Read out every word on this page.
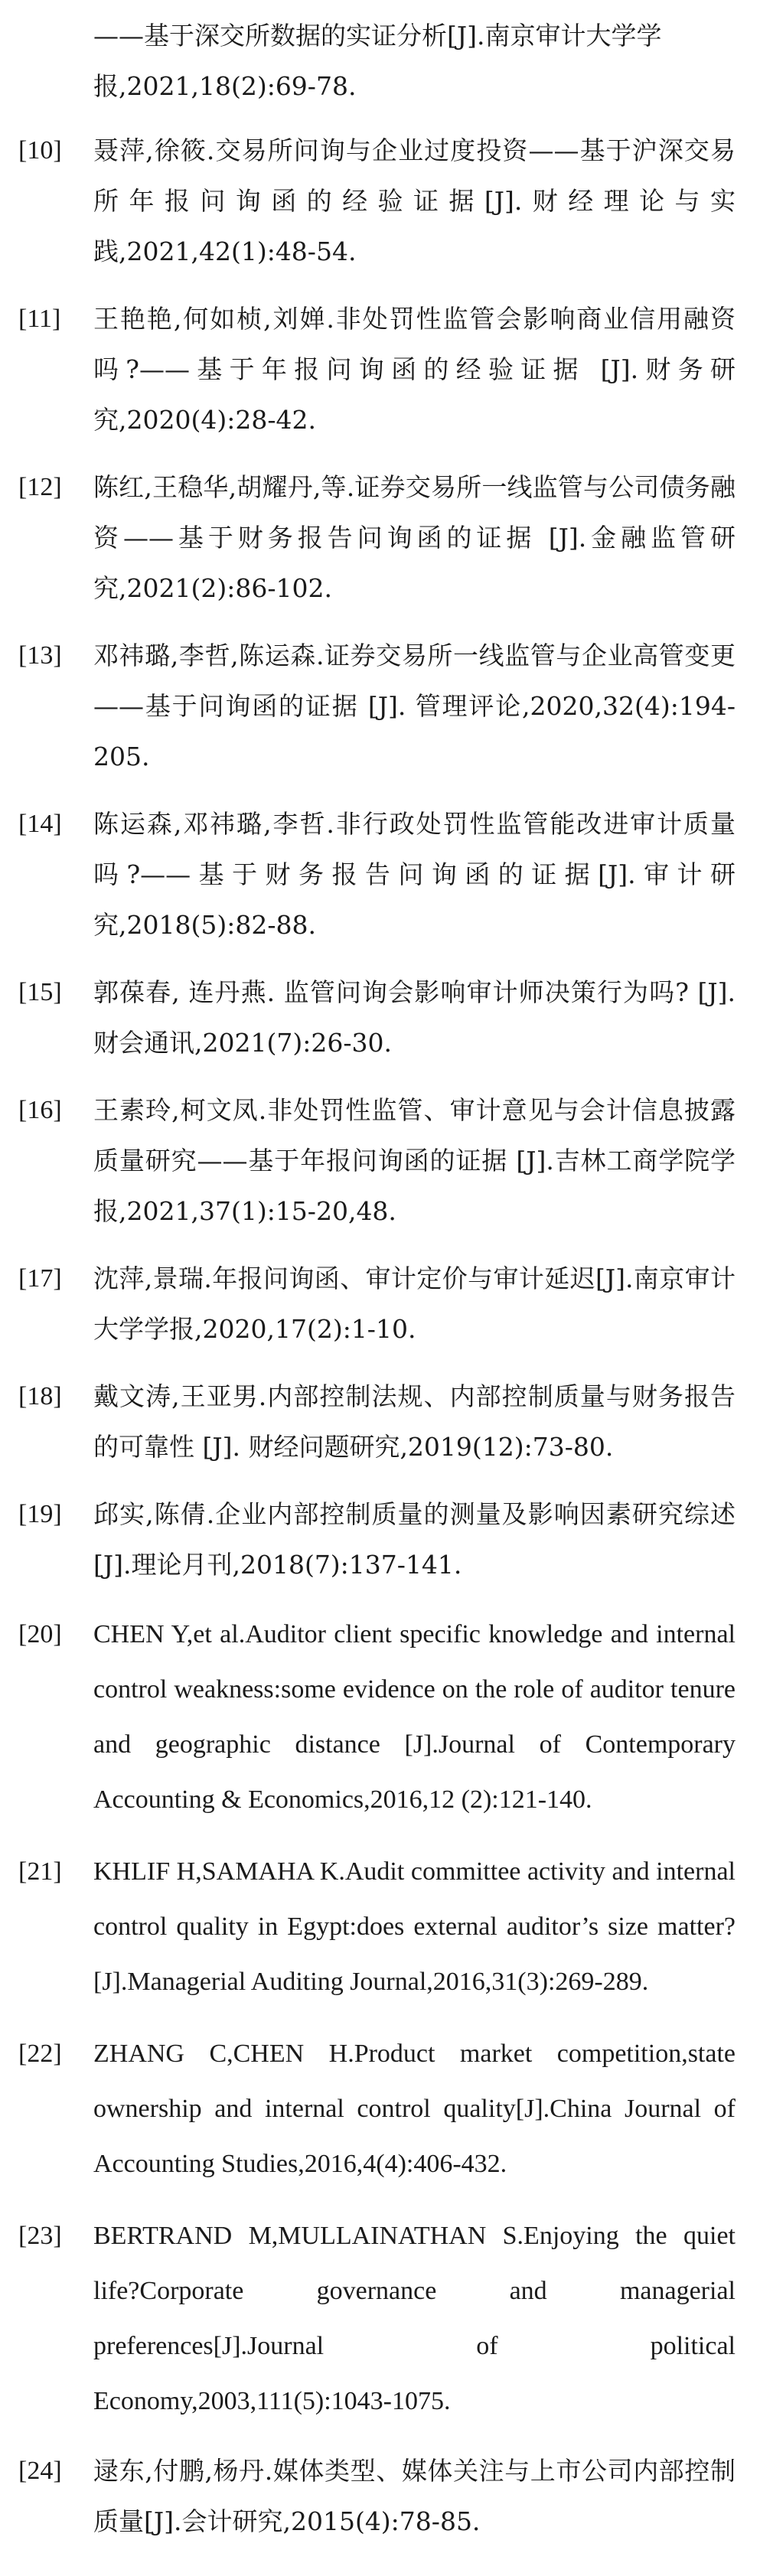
——基于深交所数据的实证分析[J].南京审计大学学报,2021,18(2):69-78.

[10]	聂萍,徐筱.交易所问询与企业过度投资——基于沪深交易所年报问询函的经验证据[J].财经理论与实践,2021,42(1):48-54.
[11]	王艳艳,何如桢,刘婵.非处罚性监管会影响商业信用融资吗?——基于年报问询函的经验证据 [J].财务研究,2020(4):28-42.
[12]	陈红,王稳华,胡耀丹,等.证券交易所一线监管与公司债务融资——基于财务报告问询函的证据 [J].金融监管研究,2021(2):86-102.
[13]	邓祎璐,李哲,陈运森.证券交易所一线监管与企业高管变更——基于问询函的证据 [J]. 管理评论,2020,32(4):194-205.
[14]	陈运森,邓祎璐,李哲.非行政处罚性监管能改进审计质量吗?——基于财务报告问询函的证据[J].审计研究,2018(5):82-88.
[15]	郭葆春, 连丹燕. 监管问询会影响审计师决策行为吗? [J].财会通讯,2021(7):26-30.
[16]	王素玲,柯文凤.非处罚性监管、审计意见与会计信息披露质量研究——基于年报问询函的证据 [J].吉林工商学院学报,2021,37(1):15-20,48.
[17]	沈萍,景瑞.年报问询函、审计定价与审计延迟[J].南京审计大学学报,2020,17(2):1-10.
[18]	戴文涛,王亚男.内部控制法规、内部控制质量与财务报告的可靠性 [J]. 财经问题研究,2019(12):73-80.
[19]	邱实,陈倩.企业内部控制质量的测量及影响因素研究综述[J].理论月刊,2018(7):137-141.
[20]	CHEN Y,et al.Auditor client specific knowledge and internal control weakness:some evidence on the role of auditor tenure and geographic distance [J].Journal of Contemporary Accounting & Economics,2016,12 (2):121-140.
[21]	KHLIF H,SAMAHA K.Audit committee activity and internal control quality in Egypt:does external auditor’s size matter? [J].Managerial Auditing Journal,2016,31(3):269-289.
[22]	ZHANG C,CHEN H.Product market competition,state ownership and internal control quality[J].China Journal of Accounting Studies,2016,4(4):406-432.
[23]	BERTRAND M,MULLAINATHAN S.Enjoying the quiet life?Corporate governance and managerial preferences[J].Journal of political Economy,2003,111(5):1043-1075.
[24]	逯东,付鹏,杨丹.媒体类型、媒体关注与上市公司内部控制质量[J].会计研究,2015(4):78-85.
